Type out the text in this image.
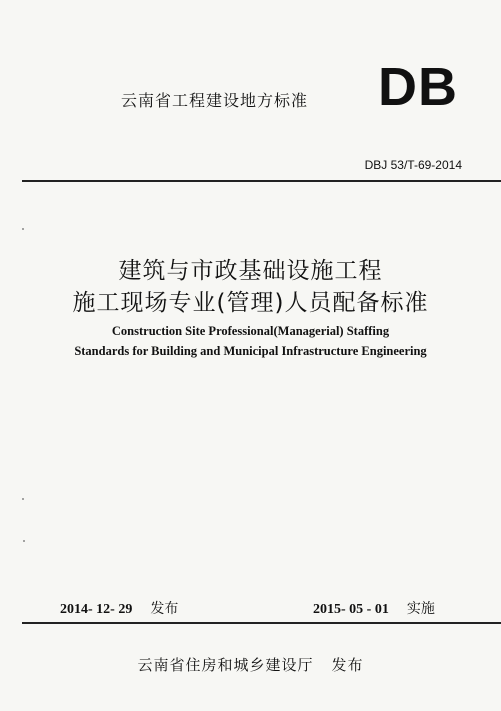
云南省工程建设地方标准 DB
DBJ 53/T-69-2014
建筑与市政基础设施工程
施工现场专业(管理)人员配备标准
Construction Site Professional(Managerial) Staffing
Standards for Building and Municipal Infrastructure Engineering
2014- 12- 29 发布	2015- 05 - 01 实施
云南省住房和城乡建设厅 发布
